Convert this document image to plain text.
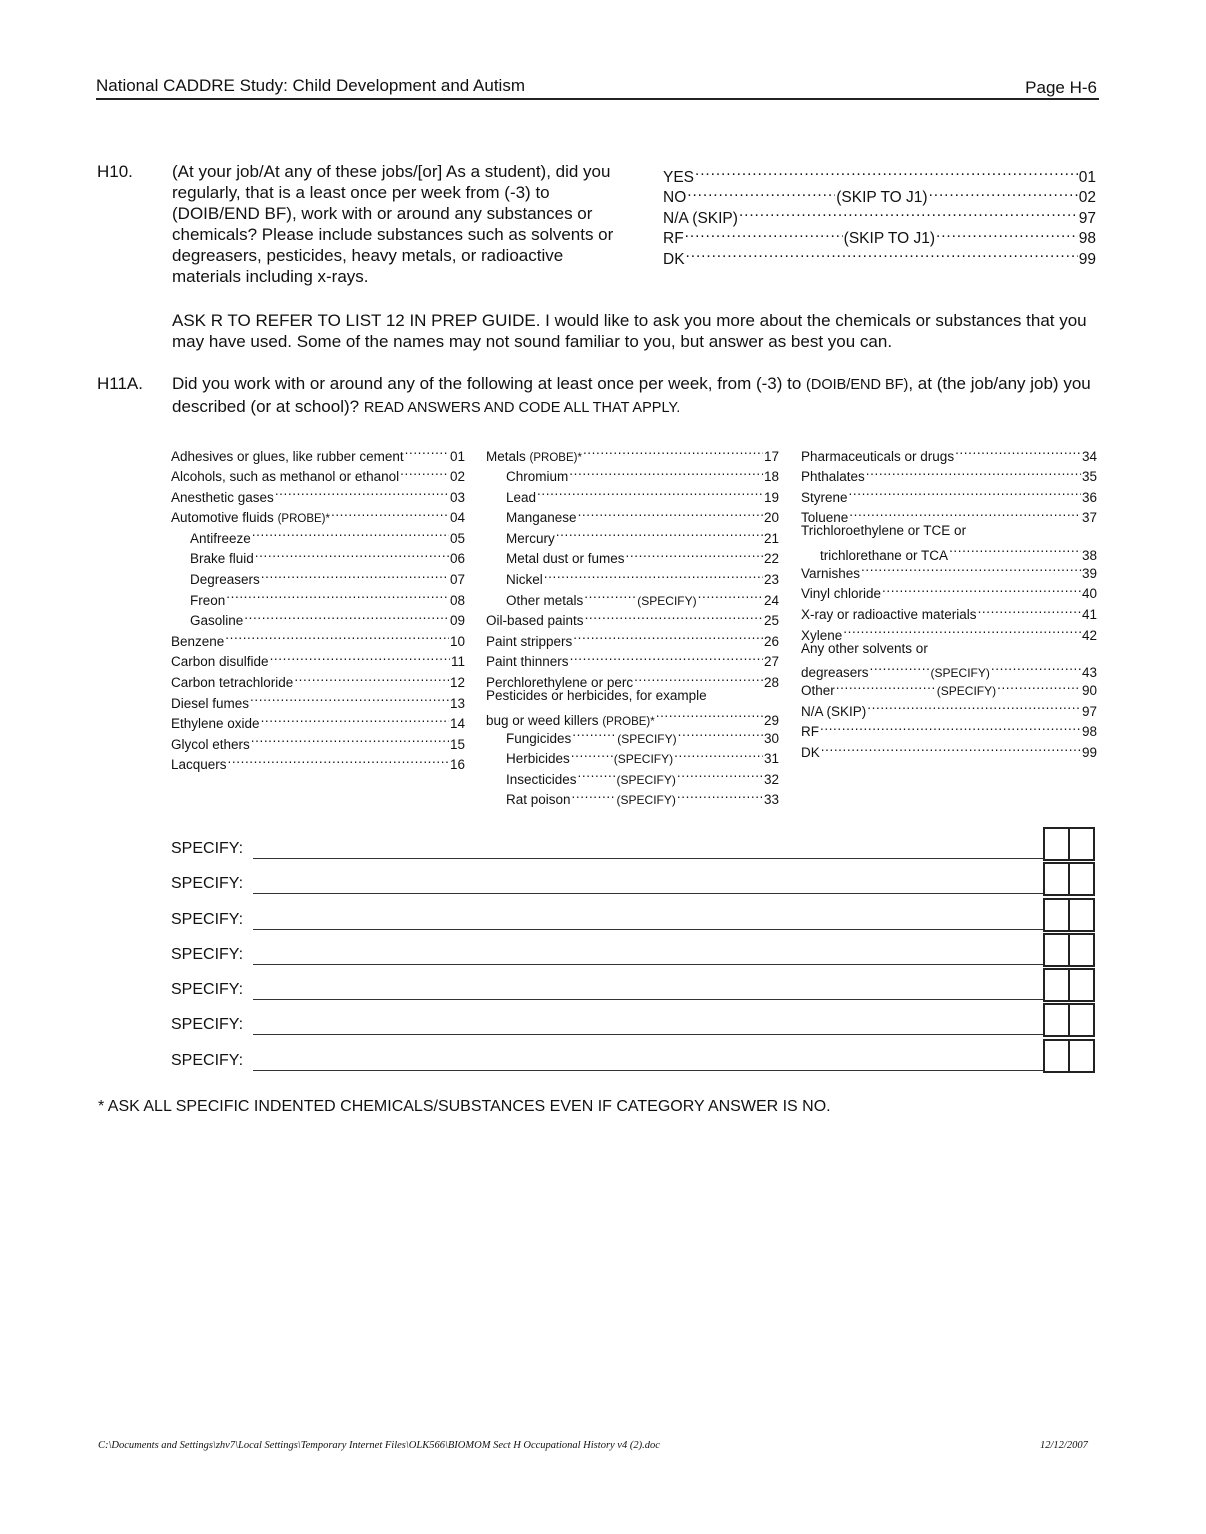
National CADDRE Study: Child Development and Autism	Page H-6
H10. (At your job/At any of these jobs/[or] As a student), did you regularly, that is a least once per week from (-3) to (DOIB/END BF), work with or around any substances or chemicals? Please include substances such as solvents or degreasers, pesticides, heavy metals, or radioactive materials including x-rays.
YES .....	01
NO .....	(SKIP TO J1) .....	02
N/A (SKIP) .....	97
RF .....	(SKIP TO J1) .....	98
DK .....	99
ASK R TO REFER TO LIST 12 IN PREP GUIDE. I would like to ask you more about the chemicals or substances that you may have used. Some of the names may not sound familiar to you, but answer as best you can.
H11A. Did you work with or around any of the following at least once per week, from (-3) to (DOIB/END BF), at (the job/any job) you described (or at school)? READ ANSWERS AND CODE ALL THAT APPLY.
Adhesives or glues, like rubber cement .....	01
Alcohols, such as methanol or ethanol .....	02
Anesthetic gases .....	03
Automotive fluids
(PROBE)* .....	04
Antifreeze .....	05
Brake fluid .....	06
Degreasers .....	07
Freon .....	08
Gasoline .....	09
Benzene .....	10
Carbon disulfide .....	11
Carbon tetrachloride .....	12
Diesel fumes .....	13
Ethylene oxide .....	14
Glycol ethers .....	15
Lacquers .....	16
Metals
(PROBE)* .....	17
Chromium .....	18
Lead .....	19
Manganese .....	20
Mercury .....	21
Metal dust or fumes .....	22
Nickel .....	23
Other metals .....	(SPECIFY) .....	24
Oil-based paints .....	25
Paint strippers .....	26
Paint thinners .....	27
Perchlorethylene or perc .....	28
Pesticides or herbicides, for example
bug or weed killers
(PROBE)* .....	29
Fungicides .....	(SPECIFY) .....	30
Herbicides .....	(SPECIFY) .....	31
Insecticides .....	(SPECIFY) .....	32
Rat poison .....	(SPECIFY) .....	33
Pharmaceuticals or drugs .....	34
Phthalates .....	35
Styrene .....	36
Toluene .....	37
Trichloroethylene or TCE or
trichlorethane or TCA .....	38
Varnishes .....	39
Vinyl chloride .....	40
X-ray or radioactive materials .....	41
Xylene .....	42
Any other solvents or
degreasers .....	(SPECIFY) .....	43
Other .....	(SPECIFY) .....	90
N/A (SKIP) .....	97
RF .....	98
DK .....	99
SPECIFY:
SPECIFY:
SPECIFY:
SPECIFY:
SPECIFY:
SPECIFY:
SPECIFY:
* ASK ALL SPECIFIC INDENTED CHEMICALS/SUBSTANCES EVEN IF CATEGORY ANSWER IS NO.
C:\Documents and Settings\zhv7\Local Settings\Temporary Internet Files\OLK566\BIOMOM Sect H Occupational History v4 (2).doc	12/12/2007
